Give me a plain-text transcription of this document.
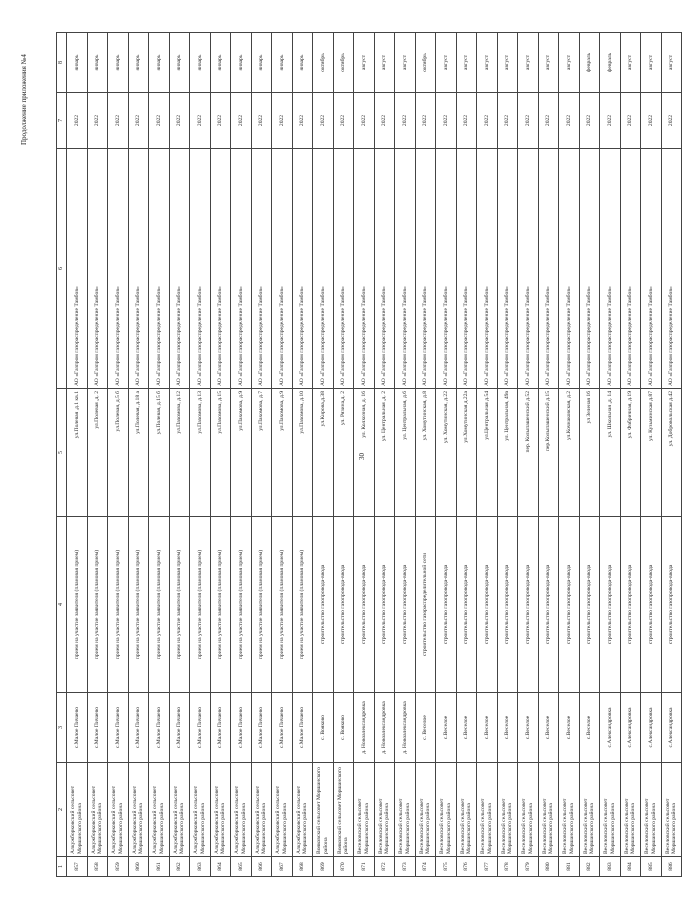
Продолжение приложения №4
30
1	2	3	4	5	6	7	8
857	Алкужборковский сельсовет Моршанского района	с.Малое Пичаево	прием на участие заявителя (плановая прием)	ул.Полевая ,д.1 кв.1	АО «Газпром газораспределение Тамбов»	2022	январь
858	Алкужборковский сельсовет Моршанского района	с.Малое Пичаево	прием на участие заявителя (плановая прием)	ул.Полевая ,д. 2	АО «Газпром газораспределение Тамбов»	2022	январь
859	Алкужборковский сельсовет Моршанского района	с.Малое Пичаево	прием на участие заявителя (плановая прием)	ул.Полевая, д.5 б	АО «Газпром газораспределение Тамбов»	2022	январь
860	Алкужборковский сельсовет Моршанского района	с.Малое Пичаево	прием на участие заявителя (плановая прием)	ул.Полевая, д.18 а	АО «Газпром газораспределение Тамбов»	2022	январь
861	Алкужборковский сельсовет Моршанского района	с.Малое Пичаево	прием на участие заявителя (плановая прием)	ул.Полевая, д.15 б	АО «Газпром газораспределение Тамбов»	2022	январь
862	Алкужборковский сельсовет Моршанского района	с.Малое Пичаево	прием на участие заявителя (плановая прием)	ул.Пахомова, д.12	АО «Газпром газораспределение Тамбов»	2022	январь
863	Алкужборковский сельсовет Моршанского района	с.Малое Пичаево	прием на участие заявителя (плановая прием)	ул.Пахомова, д.13	АО «Газпром газораспределение Тамбов»	2022	январь
864	Алкужборковский сельсовет Моршанского района	с.Малое Пичаево	прием на участие заявителя (плановая прием)	ул.Пахомова, д.15	АО «Газпром газораспределение Тамбов»	2022	январь
865	Алкужборковский сельсовет Моршанского района	с.Малое Пичаево	прием на участие заявителя (плановая прием)	ул.Пахомова, д.9	АО «Газпром газораспределение Тамбов»	2022	январь
866	Алкужборковский сельсовет Моршанского района	с.Малое Пичаево	прием на участие заявителя (плановая прием)	ул.Пахомова, д.7	АО «Газпром газораспределение Тамбов»	2022	январь
867	Алкужборковский сельсовет Моршанского района	с.Малое Пичаево	прием на участие заявителя (плановая прием)	ул.Пахомова, д.9	АО «Газпром газораспределение Тамбов»	2022	январь
868	Алкужборковский сельсовет Моршанского района	с.Малое Пичаево	прием на участие заявителя (плановая прием)	ул.Пахомова, д.10	АО «Газпром газораспределение Тамбов»	2022	январь
869	Вояковский сельсовет Моршанского района	с. Вояково	строительство газопровода-ввода	ул.Кирова,д.38	АО «Газпром газораспределение Тамбов»	2022	октябрь
870	Вояковский сельсовет Моршанского района	с. Вояково	строительство газопровода-ввода	ул. Рязина,д. 2	АО «Газпром газораспределение Тамбов»	2022	октябрь
871	Веселовский сельсовет Моршанского района	д. Новоалександровка	строительство газопровода-ввода	ул. Колхозная, д. 16	АО «Газпром газораспределение Тамбов»	2022	август
872	Веселовский сельсовет Моршанского района	д. Новоалександровка	строительство газопровода-ввода	ул. Центральная ,д. 2	АО «Газпром газораспределение Тамбов»	2022	август
873	Веселовский сельсовет Моршанского района	д. Новоалександровка	строительство газопровода-ввода	ул. Центральная, д.6	АО «Газпром газораспределение Тамбов»	2022	август
874	Веселовский сельсовет Моршанского района	с. Веселое	строительство газораспределительной сети	ул. Хомутинская, д.8	АО «Газпром газораспределение Тамбов»	2022	октябрь
875	Веселовский сельсовет Моршанского района	с.Веселое	строительство газопровода-ввода	ул. Хомутинская, д.22	АО «Газпром газораспределение Тамбов»	2022	август
876	Веселовский сельсовет Моршанского района	с.Веселое	строительство газопровода-ввода	ул.Хомутинская д.22а	АО «Газпром газораспределение Тамбов»	2022	август
877	Веселовский сельсовет Моршанского района	с.Веселое	строительство газопровода-ввода	ул.Центральная д.54	АО «Газпром газораспределение Тамбов»	2022	август
878	Веселовский сельсовет Моршанского района	с.Веселое	строительство газопровода-ввода	ул. Центральная, 49а	АО «Газпром газораспределение Тамбов»	2022	август
879	Веселовский сельсовет Моршанского района	с.Веселое	строительство газопровода-ввода	пер. Колыпашенский д.52	АО «Газпром газораспределение Тамбов»	2022	август
880	Веселовский сельсовет Моршанского района	с.Веселое	строительство газопровода-ввода	пер.Колыпашенский д.15	АО «Газпром газораспределение Тамбов»	2022	август
881	Веселовский сельсовет Моршанского района	с.Веселое	строительство газопровода-ввода	ул.Кочнаковская, д.2	АО «Газпром газораспределение Тамбов»	2022	август
882	Веселовский сельсовет Моршанского района	с.Веселое	строительство газопровода-ввода	ул Зеленая 16	АО «Газпром газораспределение Тамбов»	2022	февраль
883	Веселовский сельсовет Моршанского района	с.Александровка	строительство газопровода-ввода	ул. Школьная ,д. 14	АО «Газпром газораспределение Тамбов»	2022	февраль
884	Веселовский сельсовет Моршанского района	с.Александровка	строительство газопровода-ввода	ул. Фабричная, д.19	АО «Газпром газораспределение Тамбов»	2022	август
885	Веселовский сельсовет Моршанского района	с.Александровка	строительство газопровода-ввода	ул. Кузьминская д.87	АО «Газпром газораспределение Тамбов»	2022	август
886	Веселовский сельсовет Моршанского района	с.Александровка	строительство газопровода-ввода	ул. Добровольская д.42	АО «Газпром газораспределение Тамбов»	2022	август
